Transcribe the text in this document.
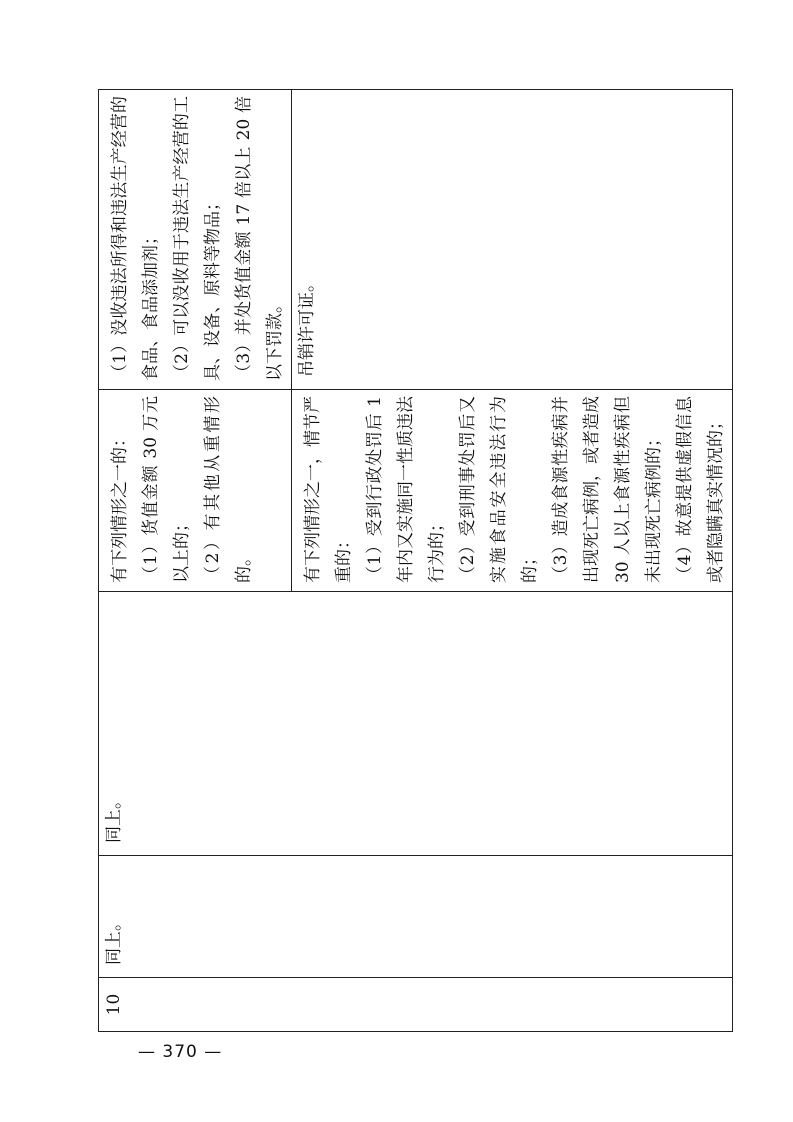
10	同上。	同上。	有下列情形之一的：
（1）货值金额 30 万元以上的；
（2）有其他从重情形的。	（1）没收违法所得和违法生产经营的食品、食品添加剂；
（2）可以没收用于违法生产经营的工具、设备、原料等物品；
（3）并处货值金额 17 倍以上 20 倍以下罚款。

			有下列情形之一，情节严重的：
（1）受到行政处罚后 1 年内又实施同一性质违法行为的；
（2）受到刑事处罚后又实施食品安全违法行为的；
（3）造成食源性疾病并出现死亡病例，或者造成 30 人以上食源性疾病但未出现死亡病例的；
（4）故意提供虚假信息或者隐瞒真实情况的；	吊销许可证。
— 370 —
